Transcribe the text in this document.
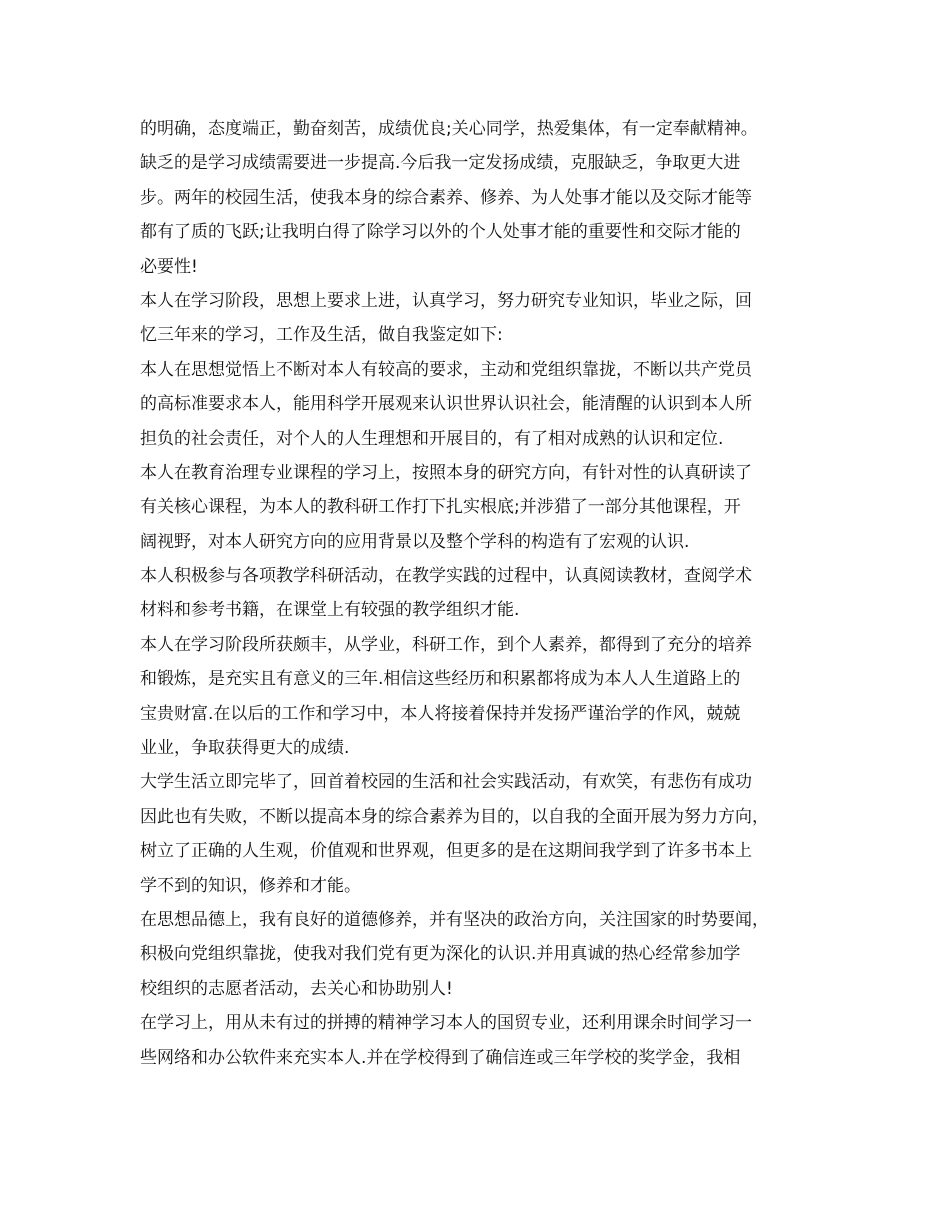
的明确，态度端正，勤奋刻苦，成绩优良;关心同学，热爱集体，有一定奉献精神。
缺乏的是学习成绩需要进一步提高.今后我一定发扬成绩，克服缺乏，争取更大进
步。两年的校园生活，使我本身的综合素养、修养、为人处事才能以及交际才能等
都有了质的飞跃;让我明白得了除学习以外的个人处事才能的重要性和交际才能的
必要性!
本人在学习阶段，思想上要求上进，认真学习，努力研究专业知识，毕业之际，回
忆三年来的学习，工作及生活，做自我鉴定如下:
本人在思想觉悟上不断对本人有较高的要求，主动和党组织靠拢，不断以共产党员
的高标准要求本人，能用科学开展观来认识世界认识社会，能清醒的认识到本人所
担负的社会责任，对个人的人生理想和开展目的，有了相对成熟的认识和定位.
本人在教育治理专业课程的学习上，按照本身的研究方向，有针对性的认真研读了
有关核心课程，为本人的教科研工作打下扎实根底;并涉猎了一部分其他课程，开
阔视野，对本人研究方向的应用背景以及整个学科的构造有了宏观的认识.
本人积极参与各项教学科研活动，在教学实践的过程中，认真阅读教材，查阅学术
材料和参考书籍，在课堂上有较强的教学组织才能.
本人在学习阶段所获颇丰，从学业，科研工作，到个人素养，都得到了充分的培养
和锻炼，是充实且有意义的三年.相信这些经历和积累都将成为本人人生道路上的
宝贵财富.在以后的工作和学习中，本人将接着保持并发扬严谨治学的作风，兢兢
业业，争取获得更大的成绩.
大学生活立即完毕了，回首着校园的生活和社会实践活动，有欢笑，有悲伤有成功
因此也有失败，不断以提高本身的综合素养为目的，以自我的全面开展为努力方向，
树立了正确的人生观，价值观和世界观，但更多的是在这期间我学到了许多书本上
学不到的知识，修养和才能。
在思想品德上，我有良好的道德修养，并有坚决的政治方向，关注国家的时势要闻，
积极向党组织靠拢，使我对我们党有更为深化的认识.并用真诚的热心经常参加学
校组织的志愿者活动，去关心和协助别人!
在学习上，用从未有过的拼搏的精神学习本人的国贸专业，还利用课余时间学习一
些网络和办公软件来充实本人.并在学校得到了确信连或三年学校的奖学金，我相
